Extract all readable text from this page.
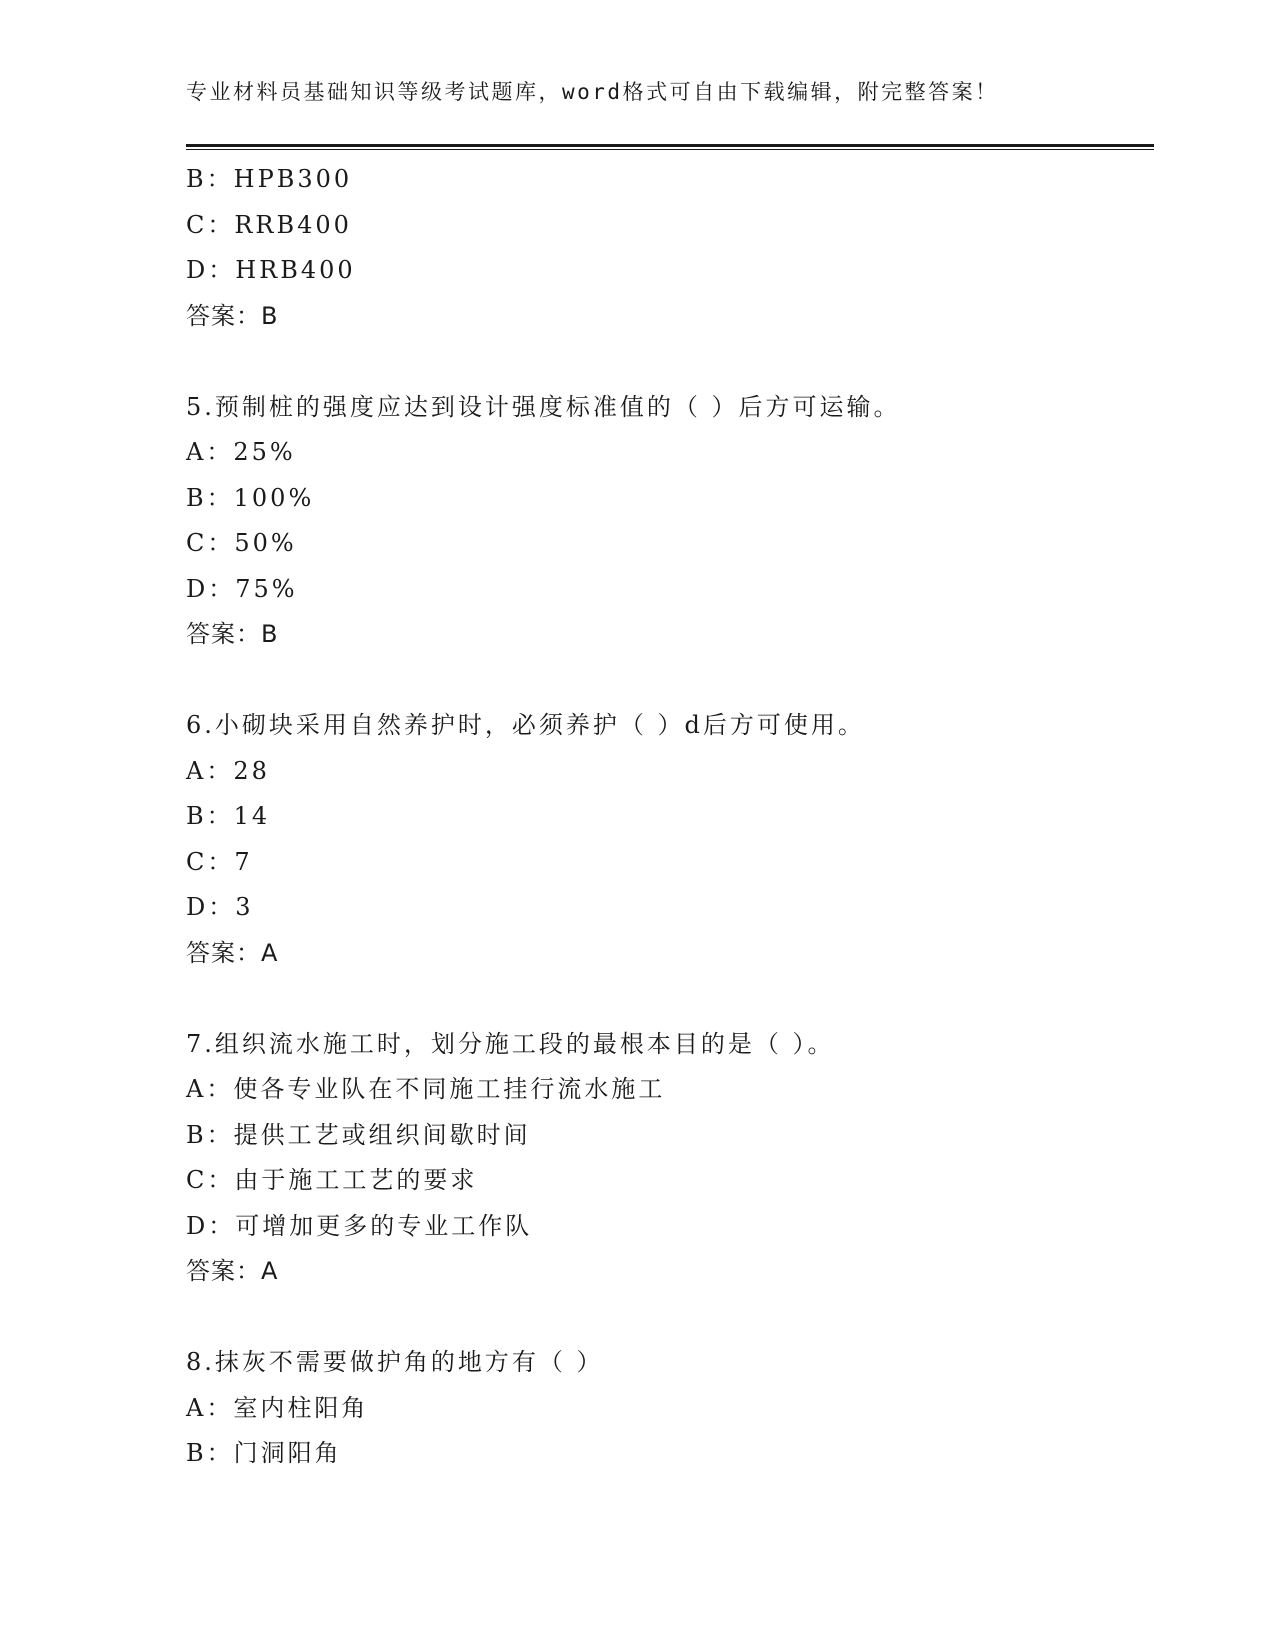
专业材料员基础知识等级考试题库，word格式可自由下载编辑，附完整答案！
B：HPB300
C：RRB400
D：HRB400
答案：B
5.预制桩的强度应达到设计强度标准值的（ ）后方可运输。
A：25%
B：100%
C：50%
D：75%
答案：B
6.小砌块采用自然养护时，必须养护（ ）d后方可使用。
A：28
B：14
C：7
D：3
答案：A
7.组织流水施工时，划分施工段的最根本目的是（ ）。
A：使各专业队在不同施工挂行流水施工
B：提供工艺或组织间歇时间
C：由于施工工艺的要求
D：可增加更多的专业工作队
答案：A
8.抹灰不需要做护角的地方有（ ）
A：室内柱阳角
B：门洞阳角
